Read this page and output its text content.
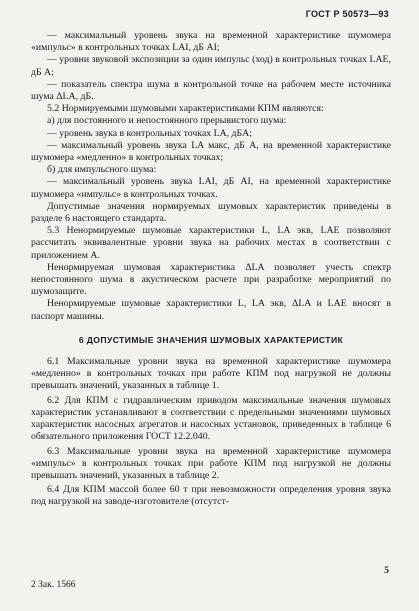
ГОСТ Р 50573—93

— максимальный уровень звука на временной характеристике шумомера «импульс» в контрольных точках LAI, дБ AI;

— уровни звуковой экспозиции за один импульс (ход) в контрольных точках LAE, дБ A;

— показатель спектра шума в контрольной точке на рабочем месте источника шума ΔLA, дБ.

5.2 Нормируемыми шумовыми характеристиками КПМ являются:

а) для постоянного и непостоянного прерывистого шума:

— уровень звука в контрольных точках LA, дБA;

— максимальный уровень звука LA макс, дБ A, на временной характеристике шумомера «медленно» в контрольных точках;

б) для импульсного шума:

— максимальный уровень звука LAI, дБ AI, на временной характеристике шумомера «импульс» в контрольных точках.

Допустимые значения нормируемых шумовых характеристик приведены в разделе 6 настоящего стандарта.

5.3 Ненормируемые шумовые характеристики L, LA экв, LAE позволяют рассчитать эквивалентные уровни звука на рабочих местах в соответствии с приложением А.

Ненормируемая шумовая характеристика ΔLA позволяет учесть спектр непостоянного шума в акустическом расчете при разработке мероприятий по шумозащите.

Ненормируемые шумовые характеристики L, LA экв, ΔLA и LAE вносят в паспорт машины.

6 ДОПУСТИМЫЕ ЗНАЧЕНИЯ ШУМОВЫХ ХАРАКТЕРИСТИК

6.1 Максимальные уровни звука на временной характеристике шумомера «медленно» в контрольных точках при работе КПМ под нагрузкой не должны превышать значений, указанных в таблице 1.

6.2 Для КПМ с гидравлическим приводом максимальные значения шумовых характеристик устанавливают в соответствии с предельными значениями шумовых характеристик насосных агрегатов и насосных установок, приведенных в таблице 6 обязательного приложения ГОСТ 12.2.040.

6.3 Максимальные уровни звука на временной характеристике шумомера «импульс» в контрольных точках при работе КПМ под нагрузкой не должны превышать значений, указанных в таблице 2.

6.4 Для КПМ массой более 60 т при невозможности определения уровня звука под нагрузкой на заводе-изготовителе (отсутст-

2 Зак. 1566
5
